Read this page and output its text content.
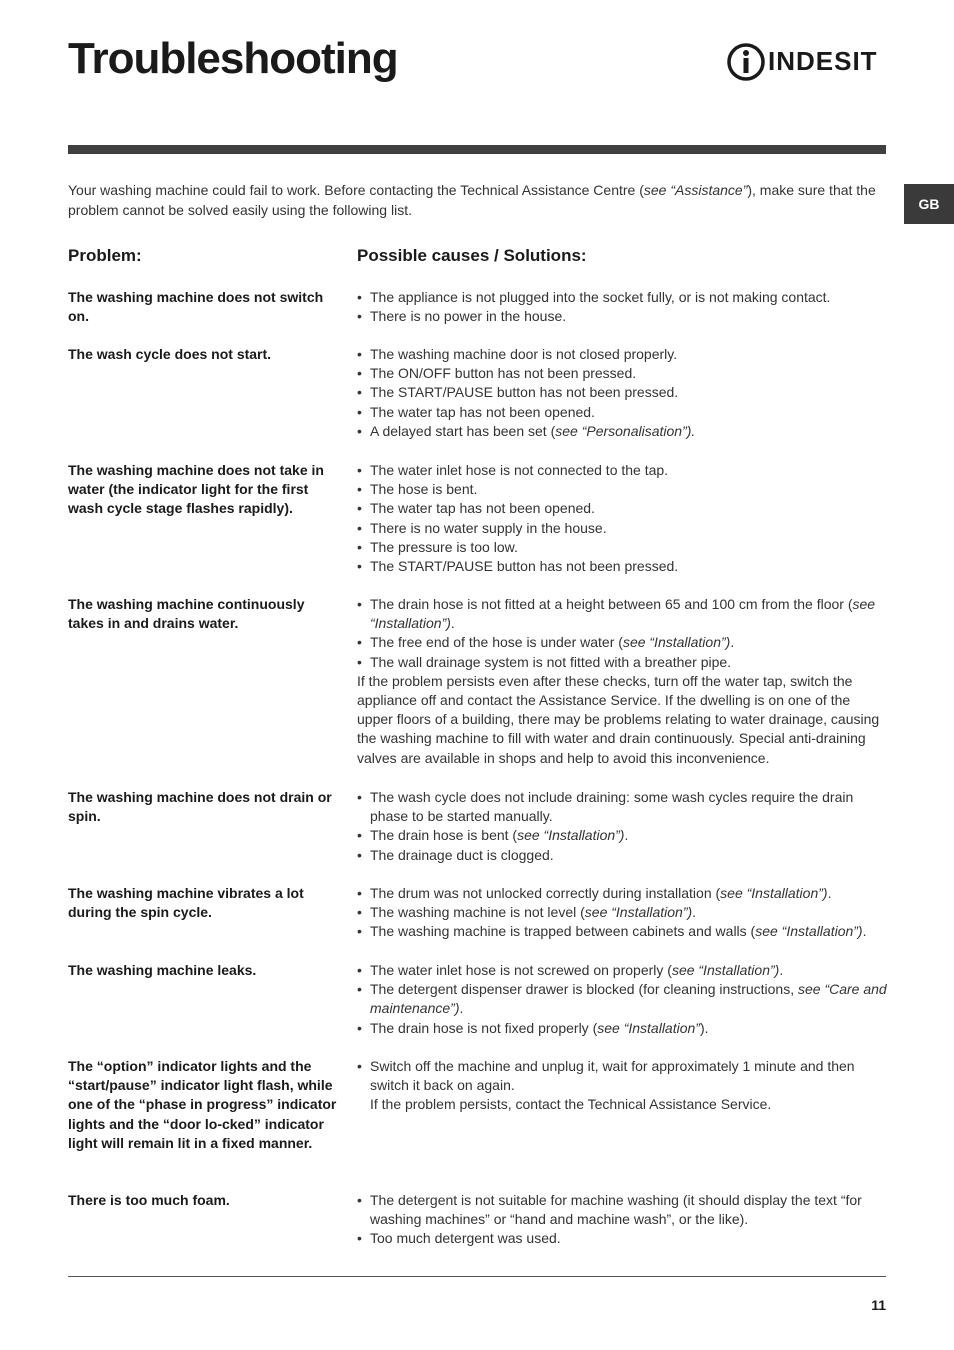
Troubleshooting	INDESIT
GB
Your washing machine could fail to work. Before contacting the Technical Assistance Centre (see “Assistance”), make sure that the problem cannot be solved easily using the following list.
Problem:	Possible causes / Solutions:
The washing machine does not switch on.
• The appliance is not plugged into the socket fully, or is not making contact.
• There is no power in the house.
The wash cycle does not start.	• The washing machine door is not closed properly.
• The ON/OFF button has not been pressed.
• The START/PAUSE button has not been pressed.
• The water tap has not been opened.
• A delayed start has been set (see “Personalisation”).
The washing machine does not take in water (the indicator light for the first wash cycle stage flashes rapidly).
• The water inlet hose is not connected to the tap.
• The hose is bent.
• The water tap has not been opened.
• There is no water supply in the house.
• The pressure is too low.
• The START/PAUSE button has not been pressed.
The washing machine continuously takes in and drains water.
• The drain hose is not fitted at a height between 65 and 100 cm from the floor (see “Installation”).
• The free end of the hose is under water (see “Installation”).
• The wall drainage system is not fitted with a breather pipe.

If the problem persists even after these checks, turn off the water tap, switch the appliance off and contact the Assistance Service. If the dwelling is on one of the upper floors of a building, there may be problems relating to water drainage, causing the washing machine to fill with water and drain continuously. Special anti-draining valves are available in shops and help to avoid this inconvenience.

The washing machine does not drain or spin.
• The wash cycle does not include draining: some wash cycles require the drain phase to be started manually.
• The drain hose is bent (see “Installation”).
• The drainage duct is clogged.
The washing machine vibrates a lot during the spin cycle.
• The drum was not unlocked correctly during installation (see “Installation”).
• The washing machine is not level (see “Installation”).
• The washing machine is trapped between cabinets and walls (see “Installation”).
The washing machine leaks.	• The water inlet hose is not screwed on properly (see “Installation”).
• The detergent dispenser drawer is blocked (for cleaning instructions, see “Care and maintenance”).
• The drain hose is not fixed properly (see “Installation”).
The “option” indicator lights and the “start/pause” indicator light flash, while one of the “phase in progress” indicator lights and the “door lo-cked” indicator light will remain lit in a fixed manner.
• Switch off the machine and unplug it, wait for approximately 1 minute and then switch it back on again.

If the problem persists, contact the Technical Assistance Service.

There is too much foam.	• The detergent is not suitable for machine washing (it should display the text “for washing machines” or “hand and machine wash”, or the like).
• Too much detergent was used.
11
